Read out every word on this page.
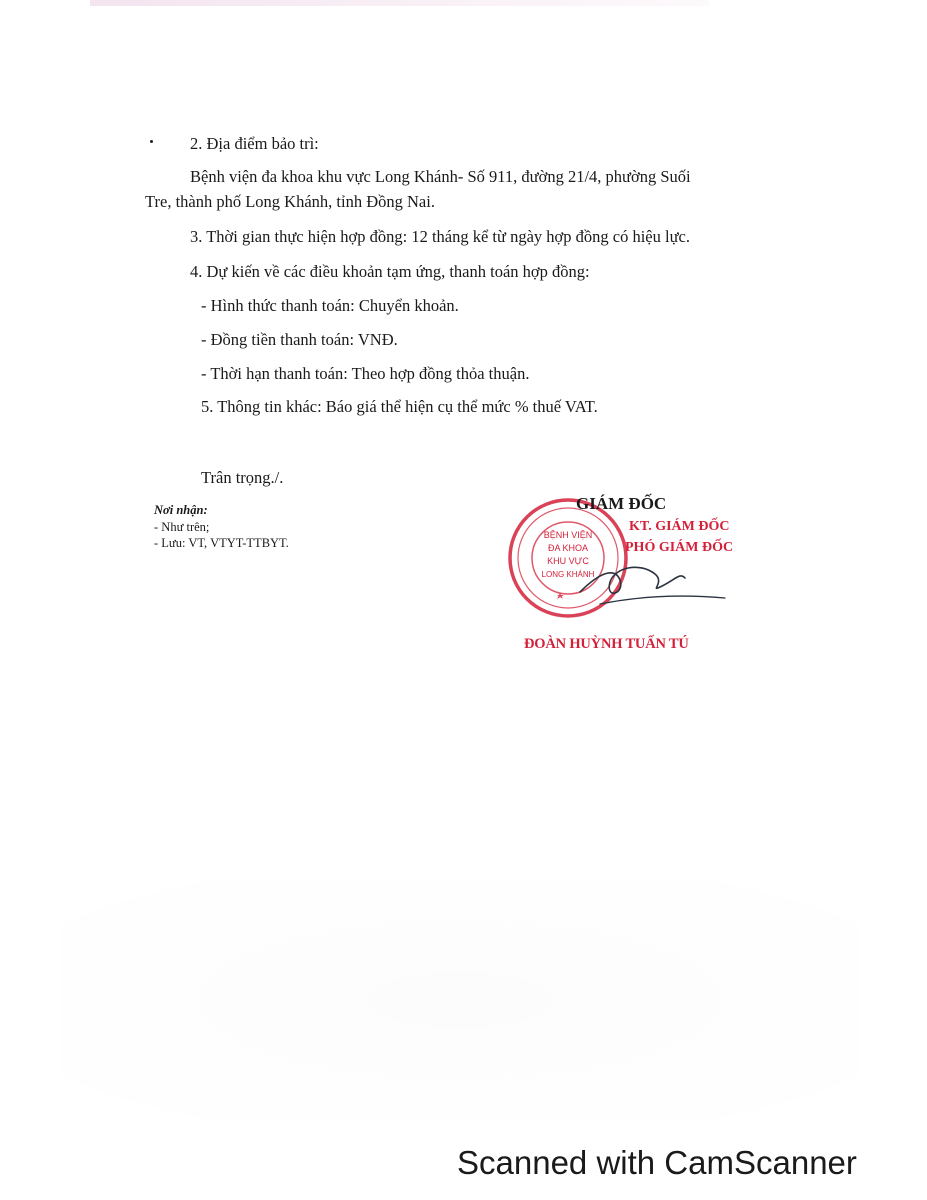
2. Địa điểm bảo trì:
Bệnh viện đa khoa khu vực Long Khánh- Số 911, đường 21/4, phường Suối
Tre, thành phố Long Khánh, tỉnh Đồng Nai.
3. Thời gian thực hiện hợp đồng: 12 tháng kể từ ngày hợp đồng có hiệu lực.
4. Dự kiến về các điều khoản tạm ứng, thanh toán hợp đồng:
- Hình thức thanh toán: Chuyển khoản.
- Đồng tiền thanh toán: VNĐ.
- Thời hạn thanh toán: Theo hợp đồng thỏa thuận.
5. Thông tin khác: Báo giá thể hiện cụ thể mức % thuế VAT.
Trân trọng./.
Nơi nhận:
- Như trên;
- Lưu: VT, VTYT-TTBYT.
BỆNH VIỆN
ĐA KHOA
KHU VỰC
LONG KHÁNH
GIÁM ĐỐC
KT. GIÁM ĐỐC
PHÓ GIÁM ĐỐC
ĐOÀN HUỲNH TUẤN TÚ
Scanned with CamScanner
